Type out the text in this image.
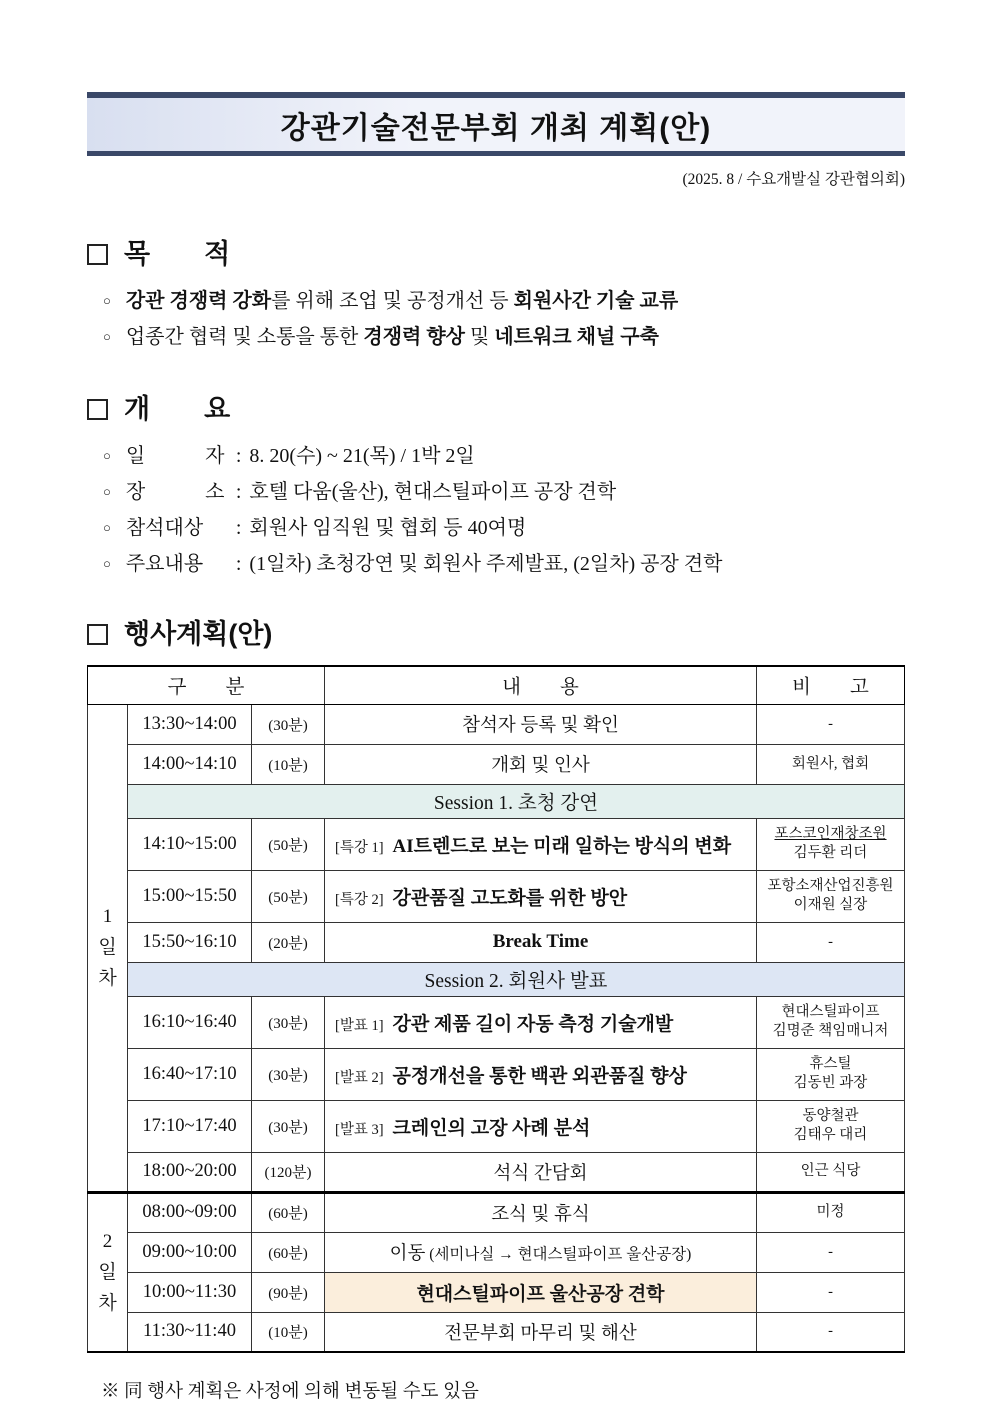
강관기술전문부회 개최 계획(안)
(2025. 8 / 수요개발실 강관협의회)
목　　적
○ 강관 경쟁력 강화를 위해 조업 및 공정개선 등 회원사간 기술 교류
○ 업종간 협력 및 소통을 통한 경쟁력 향상 및 네트워크 채널 구축
개　　요
○ 일　　　자 : 8. 20(수) ~ 21(목) / 1박 2일
○ 장　　　소 : 호텔 다움(울산), 현대스틸파이프 공장 견학
○ 참석대상	: 회원사 임직원 및 협회 등 40여명
○ 주요내용	: (1일차) 초청강연 및 회원사 주제발표, (2일차) 공장 견학
행사계획(안)
구　　분			내　　용	비　　고

1
일
차	13:30~14:00	(30분)	참석자 등록 및 확인	-

	14:00~14:10	(10분)	개회 및 인사	회원사, 협회

	Session 1. 초청 강연			
	14:10~15:00	(50분)	[특강 1] AI트렌드로 보는 미래 일하는 방식의 변화	포스코인재창조원
김두환 리더

	15:00~15:50	(50분)	[특강 2] 강관품질 고도화를 위한 방안	포항소재산업진흥원
이재원 실장

	15:50~16:10	(20분)	Break Time	-

	Session 2. 회원사 발표			
	16:10~16:40	(30분)	[발표 1] 강관 제품 길이 자동 측정 기술개발	현대스틸파이프
김명준 책임매니저

	16:40~17:10	(30분)	[발표 2] 공정개선을 통한 백관 외관품질 향상	휴스틸
김동빈 과장

	17:10~17:40	(30분)	[발표 3] 크레인의 고장 사례 분석	동양철관
김태우 대리

	18:00~20:00	(120분)	석식 간담회	인근 식당

2
일
차	08:00~09:00	(60분)	조식 및 휴식	미정

	09:00~10:00	(60분)	이동 (세미나실 → 현대스틸파이프 울산공장)	-

	10:00~11:30	(90분)	현대스틸파이프 울산공장 견학	-

	11:30~11:40	(10분)	전문부회 마무리 및 해산	-
※ 同 행사 계획은 사정에 의해 변동될 수도 있음
